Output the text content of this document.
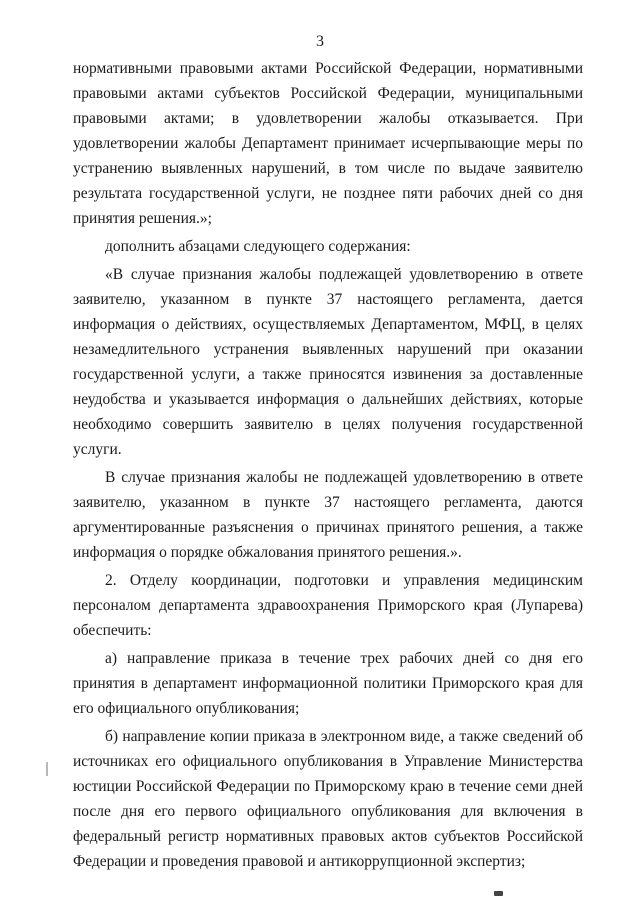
3

нормативными правовыми актами Российской Федерации, нормативными правовыми актами субъектов Российской Федерации, муниципальными правовыми актами; в удовлетворении жалобы отказывается. При удовлетворении жалобы Департамент принимает исчерпывающие меры по устранению выявленных нарушений, в том числе по выдаче заявителю результата государственной услуги, не позднее пяти рабочих дней со дня принятия решения.»;

дополнить абзацами следующего содержания:

«В случае признания жалобы подлежащей удовлетворению в ответе заявителю, указанном в пункте 37 настоящего регламента, дается информация о действиях, осуществляемых Департаментом, МФЦ, в целях незамедлительного устранения выявленных нарушений при оказании государственной услуги, а также приносятся извинения за доставленные неудобства и указывается информация о дальнейших действиях, которые необходимо совершить заявителю в целях получения государственной услуги.

В случае признания жалобы не подлежащей удовлетворению в ответе заявителю, указанном в пункте 37 настоящего регламента, даются аргументированные разъяснения о причинах принятого решения, а также информация о порядке обжалования принятого решения.».

2. Отделу координации, подготовки и управления медицинским персоналом департамента здравоохранения Приморского края (Лупарева) обеспечить:

а) направление приказа в течение трех рабочих дней со дня его принятия в департамент информационной политики Приморского края для его официального опубликования;

б) направление копии приказа в электронном виде, а также сведений об источниках его официального опубликования в Управление Министерства юстиции Российской Федерации по Приморскому краю в течение семи дней после дня его первого официального опубликования для включения в федеральный регистр нормативных правовых актов субъектов Российской Федерации и проведения правовой и антикоррупционной экспертиз;
